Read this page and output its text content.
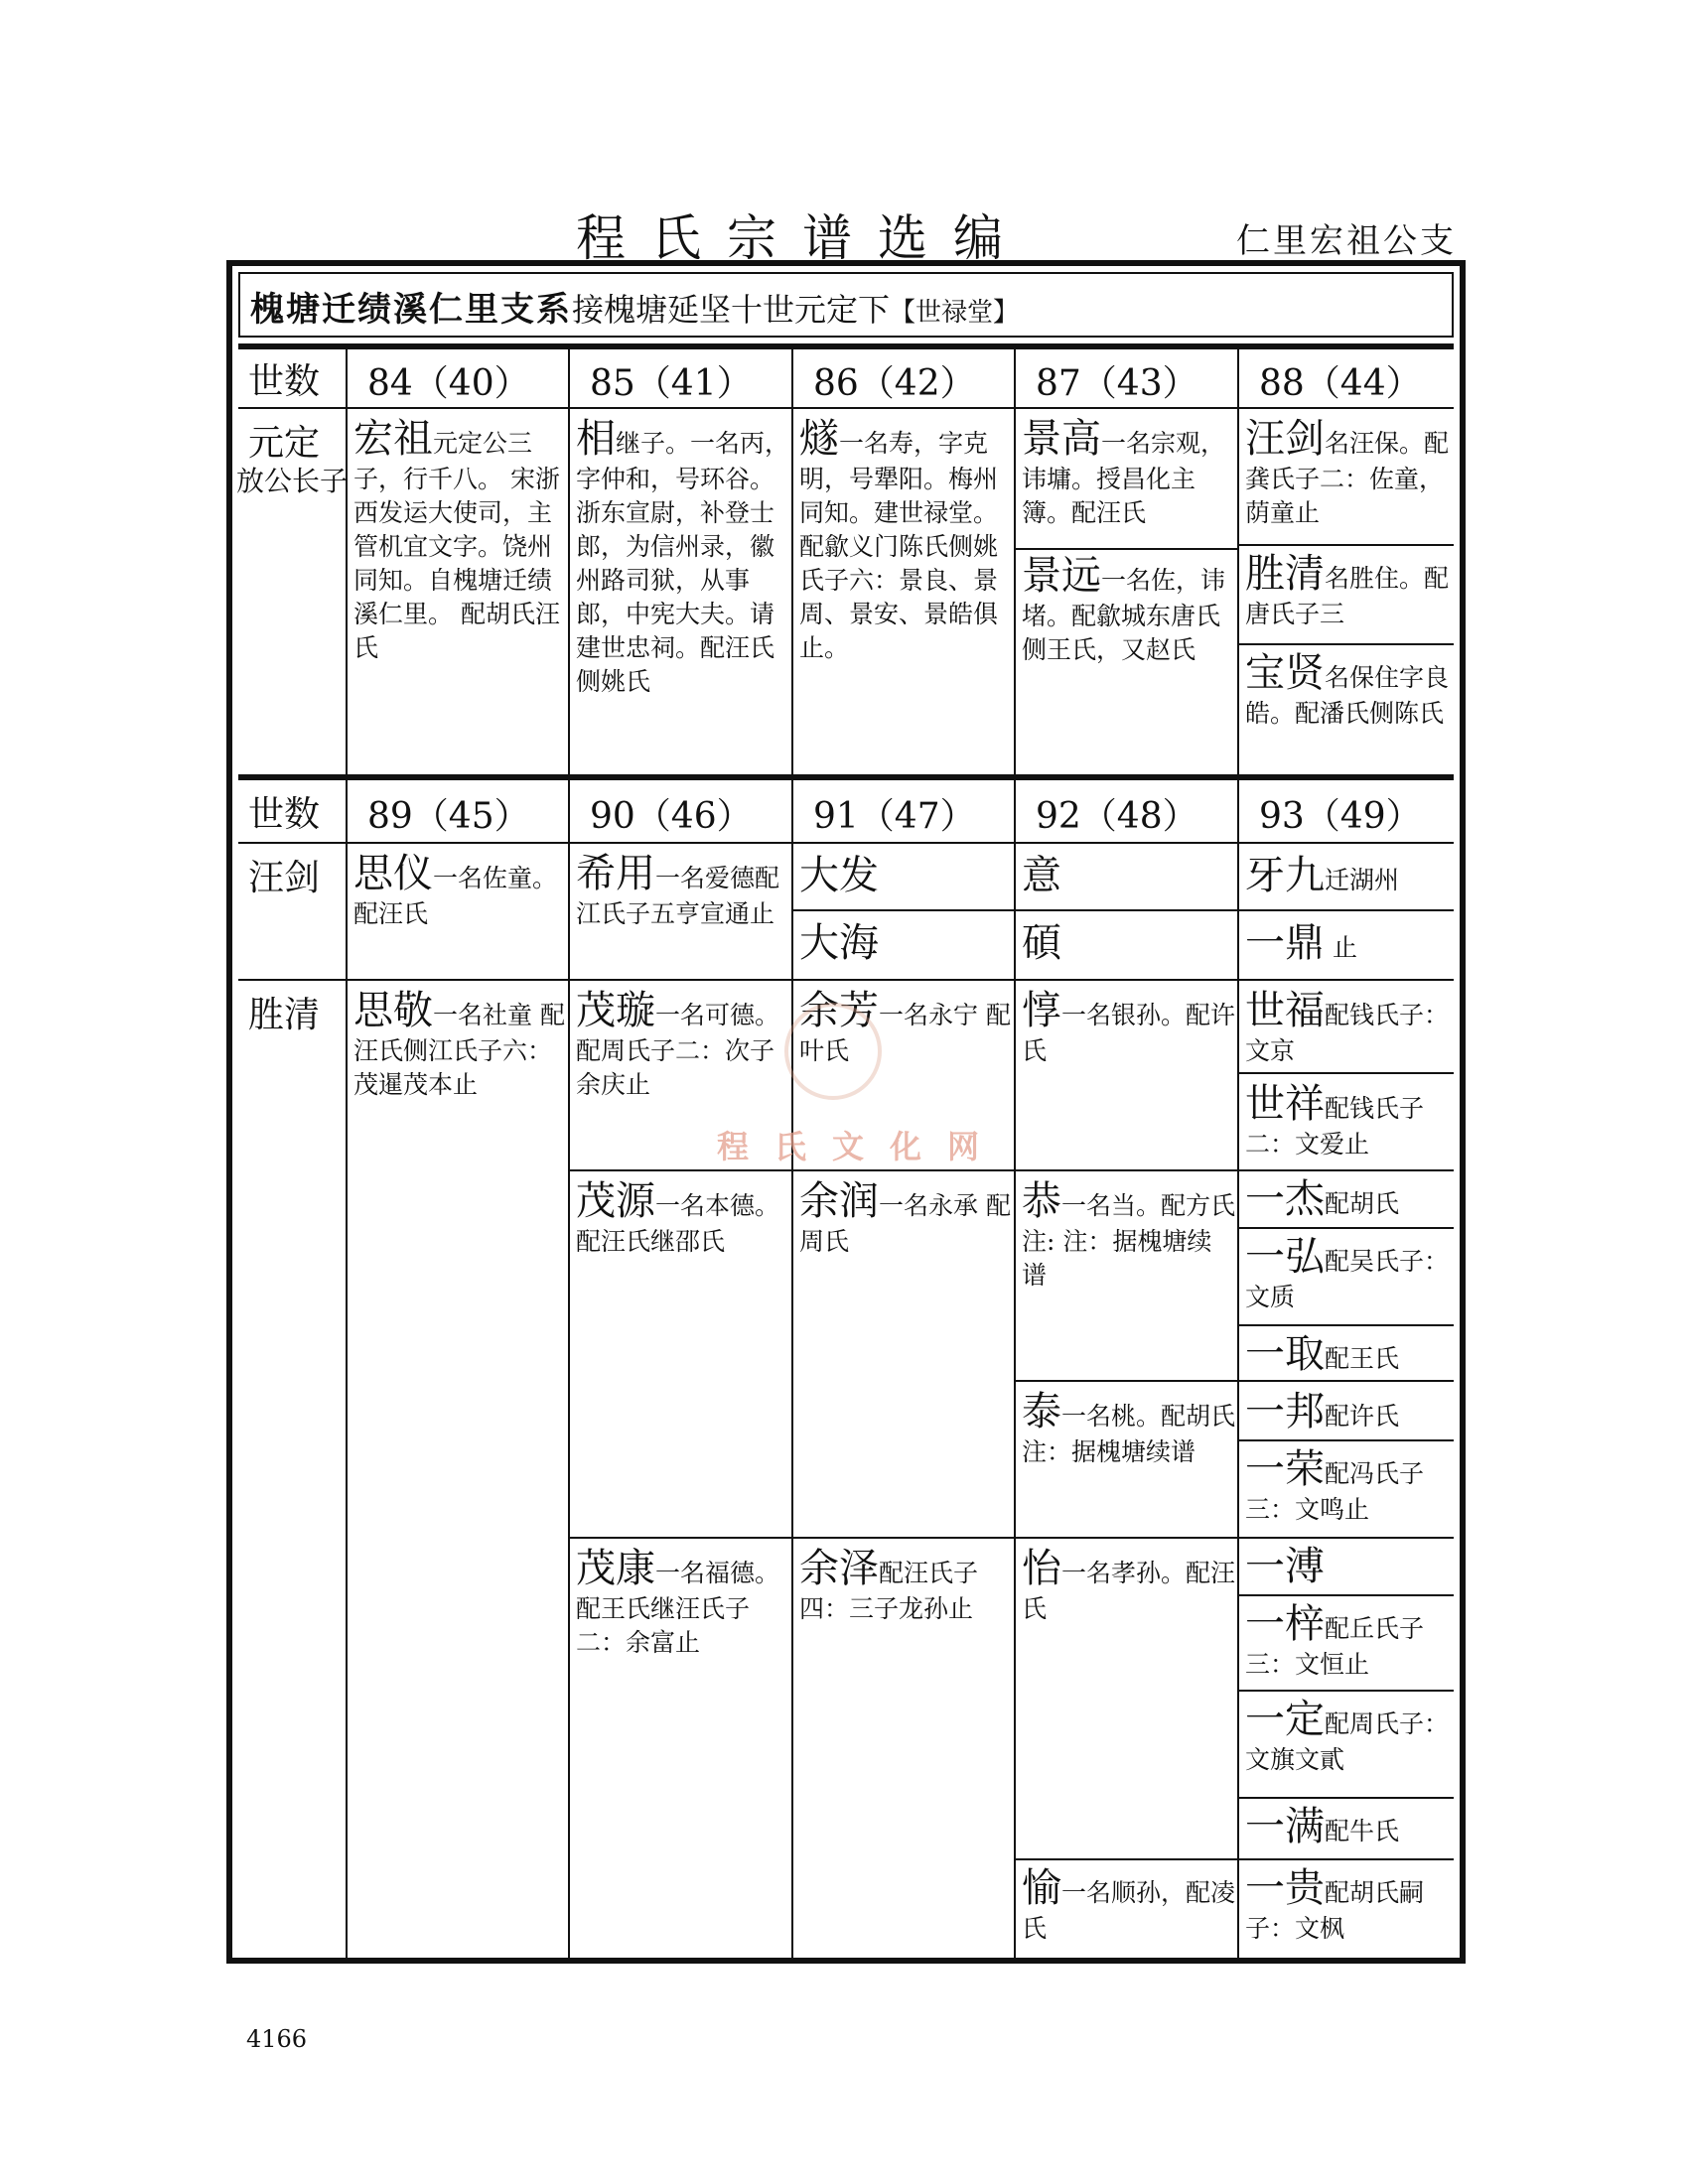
程氏宗谱选编	仁里宏祖公支
槐塘迁绩溪仁里支系接槐塘延坚十世元定下【世禄堂】
世数 84（40） 85（41） 86（42） 87（43） 88（44）
元定
放公长子
宏祖元定公三子，行千八。 宋浙西发运大使司，主管机宜文字。饶州同知。自槐塘迁绩溪仁里。 配胡氏汪氏
相继子。一名丙，字仲和，号环谷。浙东宣尉，补登士郎，为信州录，徽州路司狱，从事郎，中宪大夫。请建世忠祠。配汪氏侧姚氏
燧一名寿，字克明，号犟阳。梅州同知。建世禄堂。配歙义门陈氏侧姚氏子六：景良、景周、景安、景皓俱止。
景高一名宗观，讳墉。授昌化主簿。配汪氏
景远一名佐，讳堵。配歙城东唐氏侧王氏，又赵氏
汪剑名汪保。配龚氏子二：佐童，荫童止
胜清名胜住。配唐氏子三
宝贤名保住字良皓。配潘氏侧陈氏
世数 89（45） 90（46） 91（47） 92（48） 93（49）
汪剑
胜清
思仪一名佐童。配汪氏
希用一名爱德配江氏子五亨宣通止
大发
大海
意
碩
牙九迁湖州
一鼎 止
思敬一名社童 配汪氏侧江氏子六：茂暹茂本止
茂璇一名可德。配周氏子二：次子余庆止
茂源一名本德。配汪氏继邵氏
茂康一名福德。配王氏继汪氏子二：余富止
余芳一名永宁 配叶氏
余润一名永承 配周氏
余泽配汪氏子四：三子龙孙止
惇一名银孙。配许氏
恭一名当。配方氏 注: 注：据槐塘续谱
泰一名桃。配胡氏 注：据槐塘续谱
怡一名孝孙。配汪氏
愉一名顺孙，配凌氏
世福配钱氏子：文京
世祥配钱氏子二：文爱止
一杰配胡氏
一弘配吴氏子：文质
一取配王氏
一邦配许氏
一荣配冯氏子三：文鸣止
一溥
一梓配丘氏子三：文恒止
一定配周氏子：文旗文貳
一满配牛氏
一贵配胡氏嗣子：文枫
程氏文化网
4166
